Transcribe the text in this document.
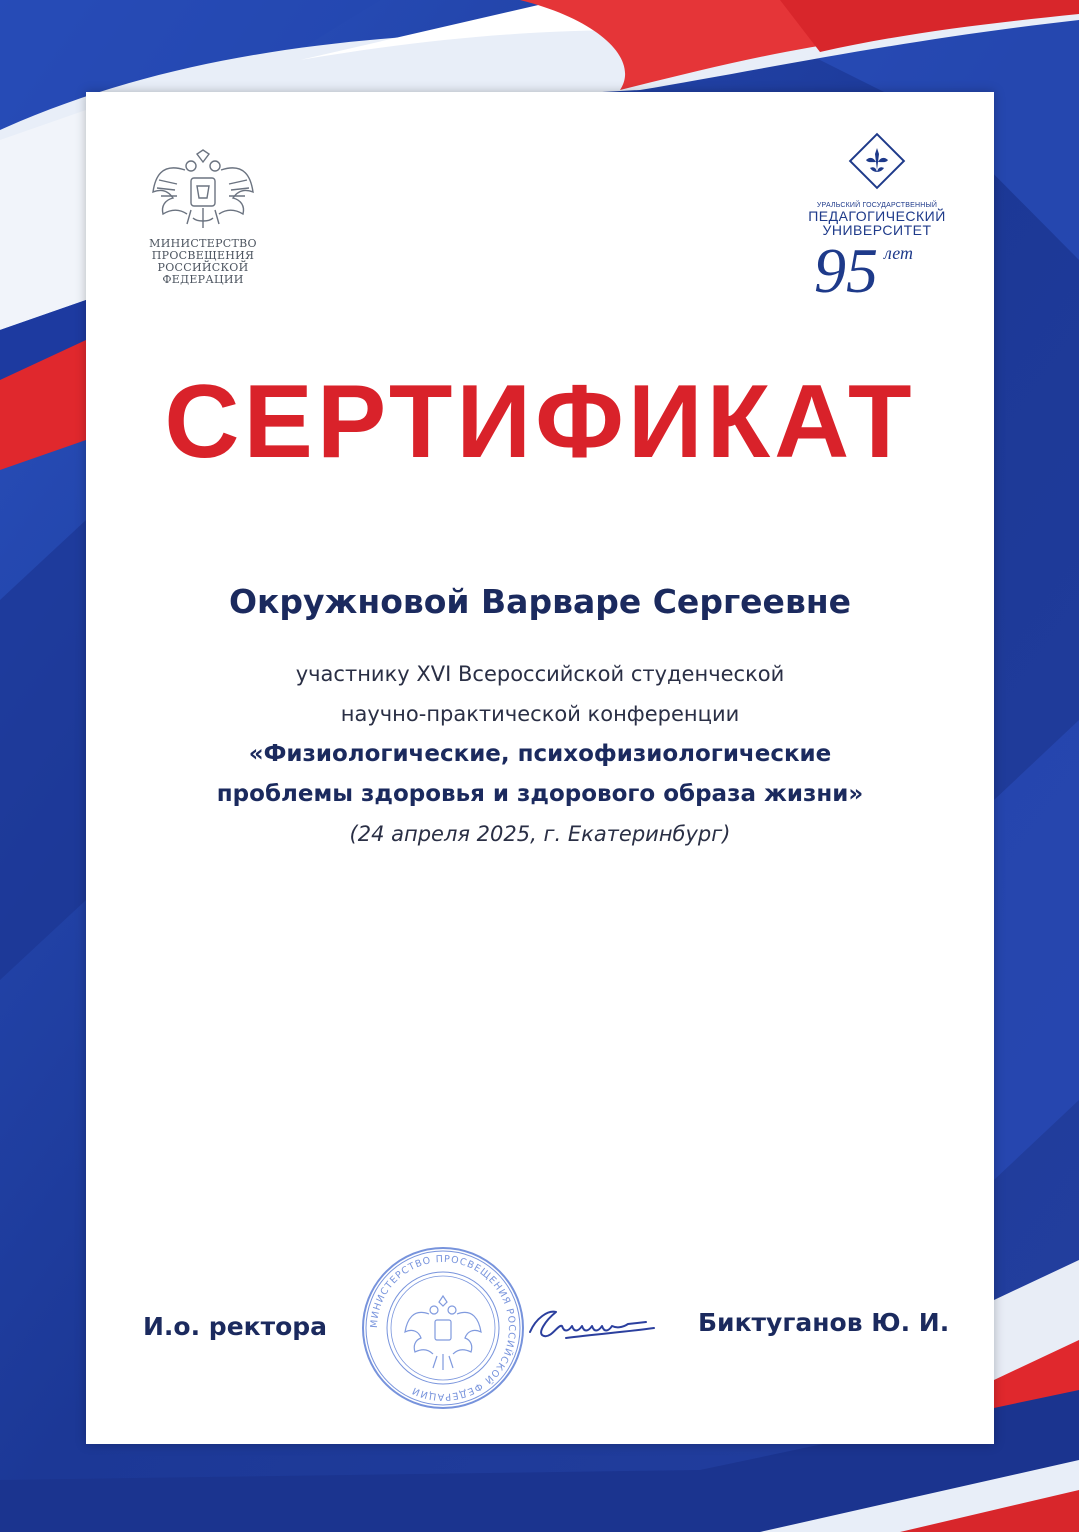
МИНИСТЕРСТВО
ПРОСВЕЩЕНИЯ
РОССИЙСКОЙ
ФЕДЕРАЦИИ
УРАЛЬСКИЙ ГОСУДАРСТВЕННЫЙ
ПЕДАГОГИЧЕСКИЙ
УНИВЕРСИТЕТ
95 лет
СЕРТИФИКАТ
Окружновой Варваре Сергеевне
участнику XVI Всероссийской студенческой
научно-практической конференции
«Физиологические, психофизиологические
проблемы здоровья и здорового образа жизни»
(24 апреля 2025, г. Екатеринбург)
И.о. ректора	МИНИСТЕРСТВО ПРОСВЕЩЕНИЯ РОССИЙСКОЙ ФЕДЕРАЦИИ
Биктуганов Ю. И.
